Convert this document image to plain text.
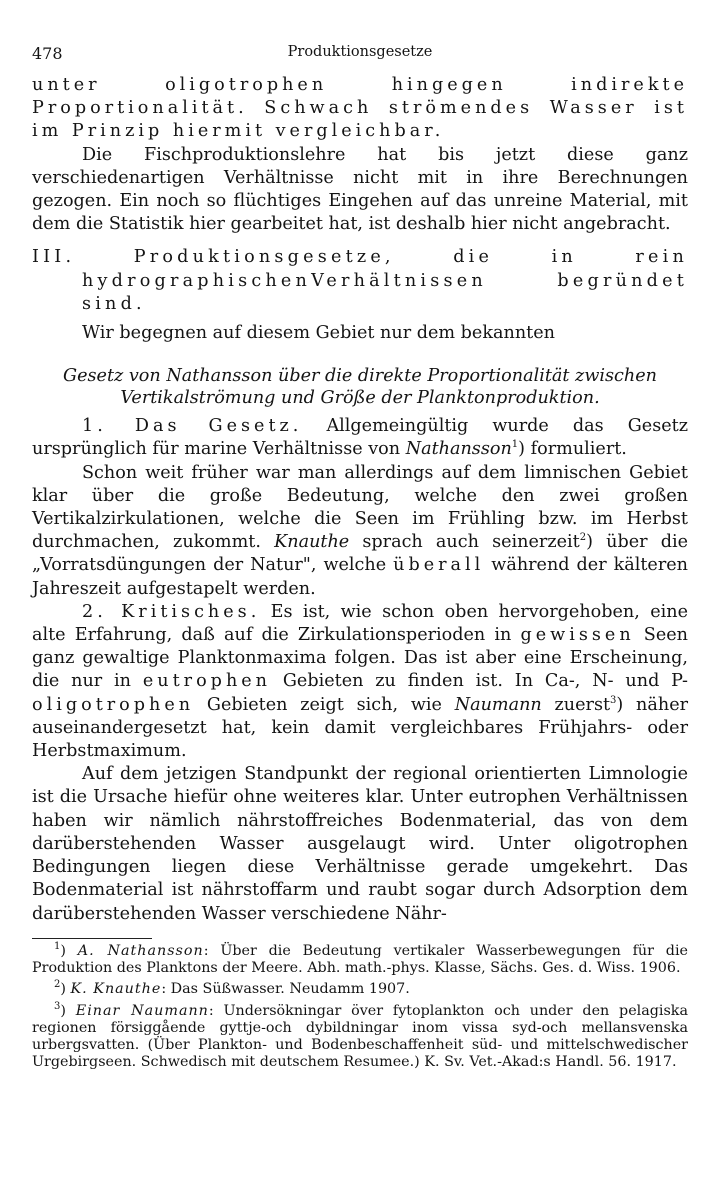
478	Produktionsgesetze

unter oligotrophen hingegen indirekte Proportionalität. Schwach strömendes Wasser ist im Prinzip hiermit vergleichbar.

Die Fischproduktionslehre hat bis jetzt diese ganz verschiedenartigen Verhältnisse nicht mit in ihre Berechnungen gezogen. Ein noch so flüchtiges Eingehen auf das unreine Material, mit dem die Statistik hier gearbeitet hat, ist deshalb hier nicht angebracht.

III. Produktionsgesetze, die in rein hydrographischenVerhältnissen begründet sind.

Wir begegnen auf diesem Gebiet nur dem bekannten

Gesetz von Nathansson über die direkte Proportionalität zwischen
Vertikalströmung und Größe der Planktonproduktion.

1. Das Gesetz. Allgemeingültig wurde das Gesetz ursprünglich für marine Verhältnisse von Nathansson$^1$) formuliert.

Schon weit früher war man allerdings auf dem limnischen Gebiet klar über die große Bedeutung, welche den zwei großen Vertikalzirkulationen, welche die Seen im Frühling bzw. im Herbst durchmachen, zukommt. Knauthe sprach auch seinerzeit$^2$) über die „Vorratsdüngungen der Natur", welche überall während der kälteren Jahreszeit aufgestapelt werden.

2. Kritisches. Es ist, wie schon oben hervorgehoben, eine alte Erfahrung, daß auf die Zirkulationsperioden in gewissen Seen ganz gewaltige Planktonmaxima folgen. Das ist aber eine Erscheinung, die nur in eutrophen Gebieten zu finden ist. In Ca-, N- und P-oligotrophen Gebieten zeigt sich, wie Naumann zuerst$^3$) näher auseinandergesetzt hat, kein damit vergleichbares Frühjahrs- oder Herbstmaximum.

Auf dem jetzigen Standpunkt der regional orientierten Limnologie ist die Ursache hiefür ohne weiteres klar. Unter eutrophen Verhältnissen haben wir nämlich nährstoffreiches Bodenmaterial, das von dem darüberstehenden Wasser ausgelaugt wird. Unter oligotrophen Bedingungen liegen diese Verhältnisse gerade umgekehrt. Das Bodenmaterial ist nährstoffarm und raubt sogar durch Adsorption dem darüberstehenden Wasser verschiedene Nähr-

$^1$) A. Nathansson: Über die Bedeutung vertikaler Wasserbewegungen für die Produktion des Planktons der Meere. Abh. math.-phys. Klasse, Sächs. Ges. d. Wiss. 1906.

$^2$) K. Knauthe: Das Süßwasser. Neudamm 1907.

$^3$) Einar Naumann: Undersökningar över fytoplankton och under den pelagiska regionen försiggående gyttje-och dybildningar inom vissa syd-och mellansvenska urbergsvatten. (Über Plankton- und Bodenbeschaffenheit süd- und mittelschwedischer Urgebirgseen. Schwedisch mit deutschem Resumee.) K. Sv. Vet.-Akad:s Handl. 56. 1917.
